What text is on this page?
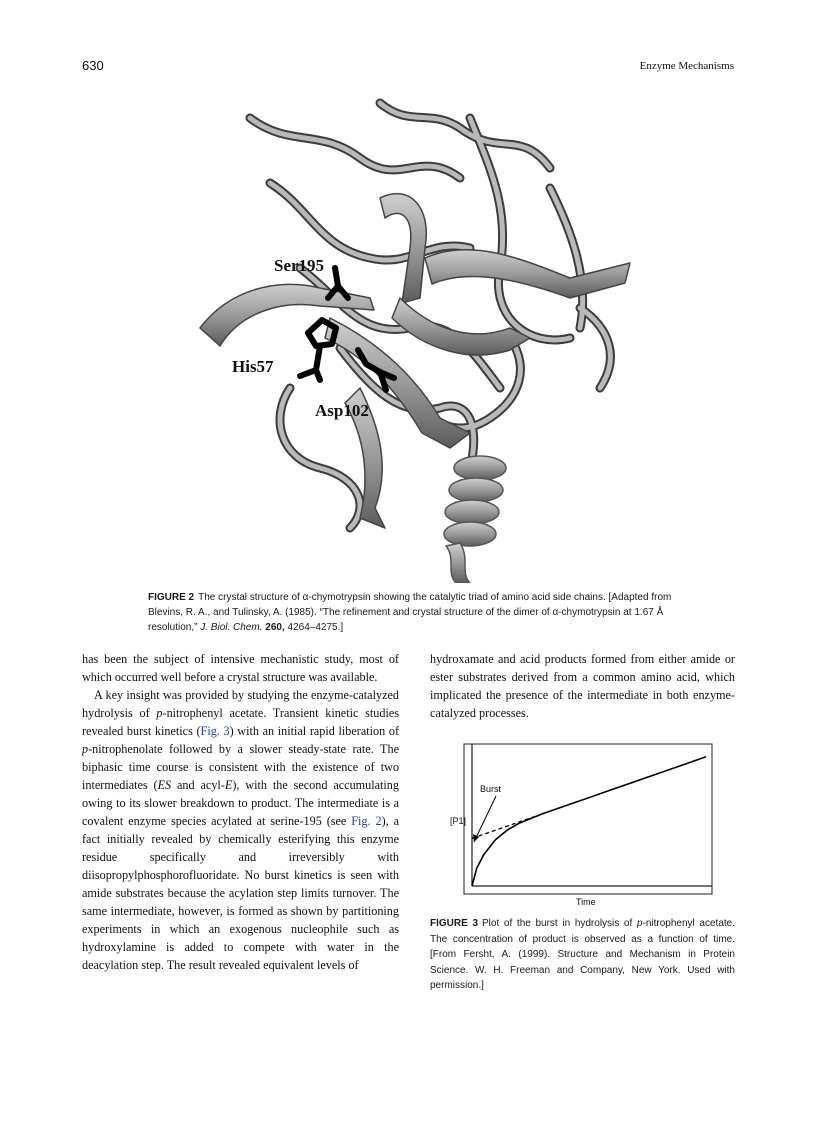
630	Enzyme Mechanisms
Ser195
His57
Asp102
FIGURE 2 The crystal structure of α-chymotrypsin showing the catalytic triad of amino acid side chains. [Adapted from Blevins, R. A., and Tulinsky, A. (1985). “The refinement and crystal structure of the dimer of α-chymotrypsin at 1.67 Å resolution,” J. Biol. Chem. 260, 4264–4275.]

has been the subject of intensive mechanistic study, most of which occurred well before a crystal structure was available.

A key insight was provided by studying the enzyme-catalyzed hydrolysis of p-nitrophenyl acetate. Transient kinetic studies revealed burst kinetics (Fig. 3) with an initial rapid liberation of p-nitrophenolate followed by a slower steady-state rate. The biphasic time course is consistent with the existence of two intermediates (ES and acyl-E), with the second accumulating owing to its slower breakdown to product. The intermediate is a covalent enzyme species acylated at serine-195 (see Fig. 2), a fact initially revealed by chemically esterifying this enzyme residue specifically and irreversibly with diisopropylphosphorofluoridate. No burst kinetics is seen with amide substrates because the acylation step limits turnover. The same intermediate, however, is formed as shown by partitioning experiments in which an exogenous nucleophile such as hydroxylamine is added to compete with water in the deacylation step. The result revealed equivalent levels of

hydroxamate and acid products formed from either amide or ester substrates derived from a common amino acid, which implicated the presence of the intermediate in both enzyme-catalyzed processes.

[P1]
Time
Burst
FIGURE 3 Plot of the burst in hydrolysis of p-nitrophenyl acetate. The concentration of product is observed as a function of time. [From Fersht, A. (1999). Structure and Mechanism in Protein Science. W. H. Freeman and Company, New York. Used with permission.]
